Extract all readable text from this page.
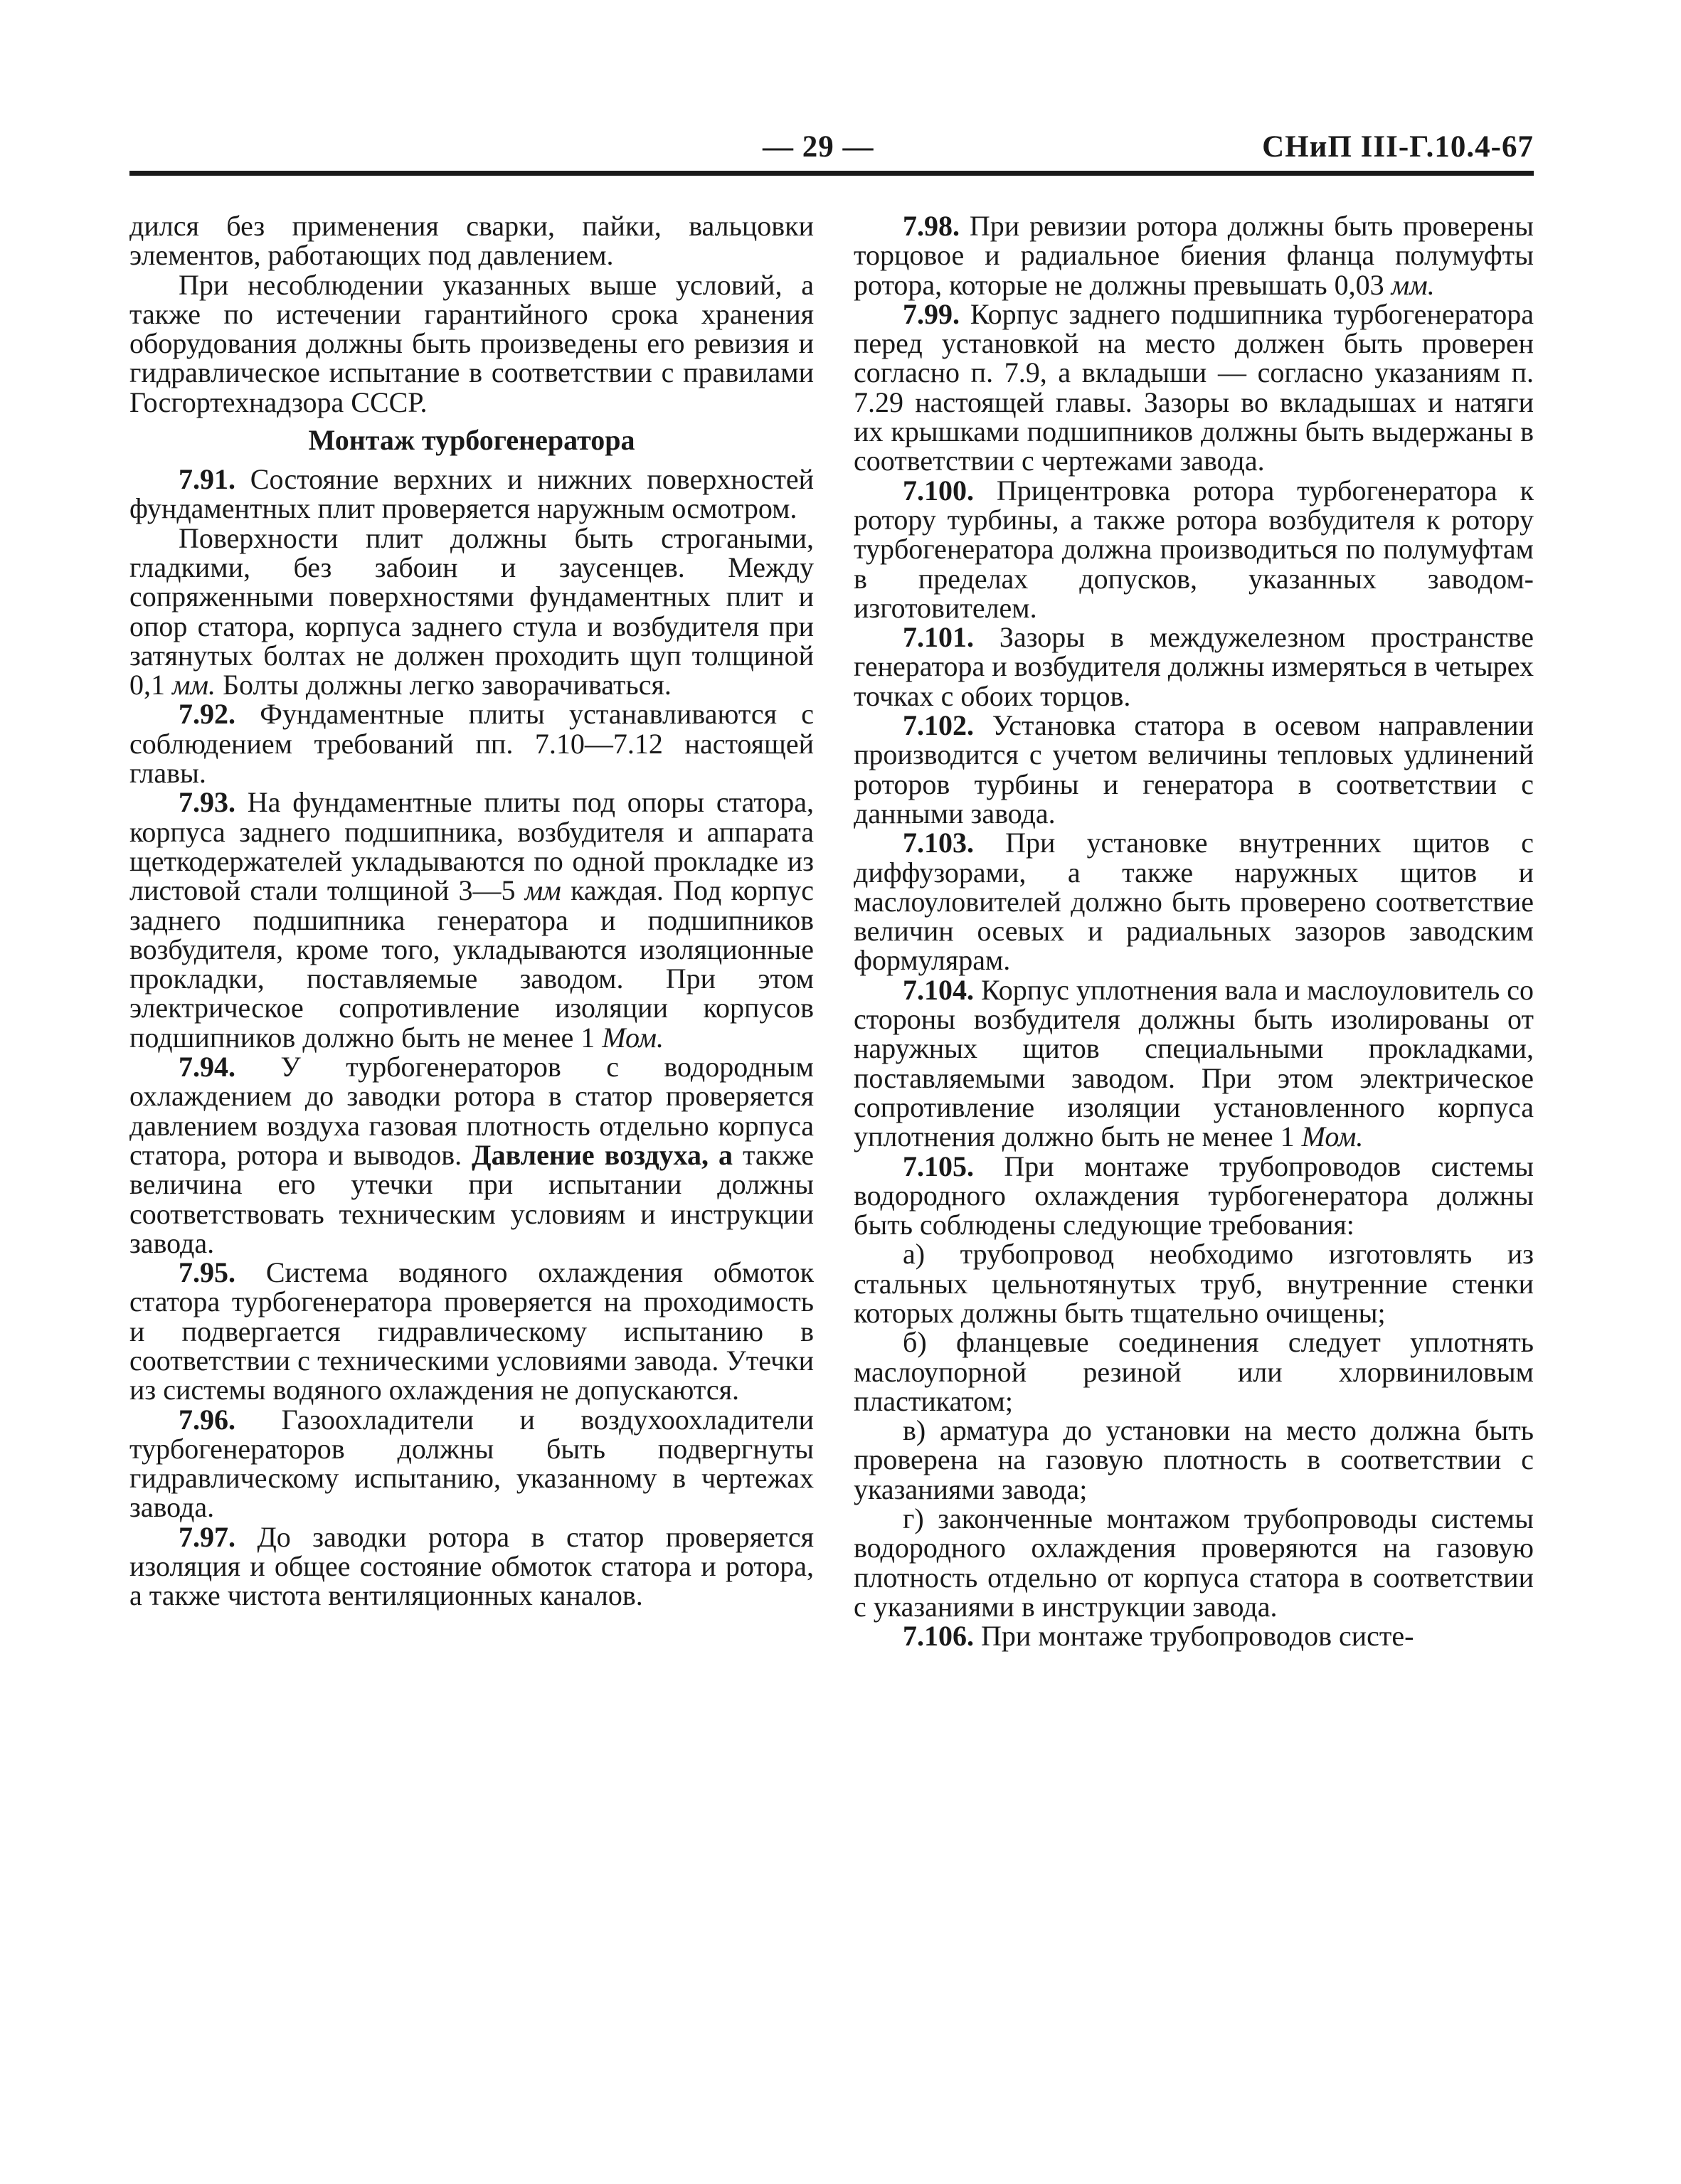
— 29 —	СНиП III-Г.10.4-67

дился без применения сварки, пайки, вальцовки элементов, работающих под давлением.

При несоблюдении указанных выше условий, а также по истечении гарантийного срока хранения оборудования должны быть произведены его ревизия и гидравлическое испытание в соответствии с правилами Госгортехнадзора СССР.

Монтаж турбогенератора

7.91. Состояние верхних и нижних поверхностей фундаментных плит проверяется наружным осмотром.

Поверхности плит должны быть строгаными, гладкими, без забоин и заусенцев. Между сопряженными поверхностями фундаментных плит и опор статора, корпуса заднего стула и возбудителя при затянутых болтах не должен проходить щуп толщиной 0,1 мм. Болты должны легко заворачиваться.

7.92. Фундаментные плиты устанавливаются с соблюдением требований пп. 7.10—7.12 настоящей главы.

7.93. На фундаментные плиты под опоры статора, корпуса заднего подшипника, возбудителя и аппарата щеткодержателей укладываются по одной прокладке из листовой стали толщиной 3—5 мм каждая. Под корпус заднего подшипника генератора и подшипников возбудителя, кроме того, укладываются изоляционные прокладки, поставляемые заводом. При этом электрическое сопротивление изоляции корпусов подшипников должно быть не менее 1 Мом.

7.94. У турбогенераторов с водородным охлаждением до заводки ротора в статор проверяется давлением воздуха газовая плотность отдельно корпуса статора, ротора и выводов. Давление воздуха, а также величина его утечки при испытании должны соответствовать техническим условиям и инструкции завода.

7.95. Система водяного охлаждения обмоток статора турбогенератора проверяется на проходимость и подвергается гидравлическому испытанию в соответствии с техническими условиями завода. Утечки из системы водяного охлаждения не допускаются.

7.96. Газоохладители и воздухоохладители турбогенераторов должны быть подвергнуты гидравлическому испытанию, указанному в чертежах завода.

7.97. До заводки ротора в статор проверяется изоляция и общее состояние обмоток статора и ротора, а также чистота вентиляционных каналов.

7.98. При ревизии ротора должны быть проверены торцовое и радиальное биения фланца полумуфты ротора, которые не должны превышать 0,03 мм.

7.99. Корпус заднего подшипника турбогенератора перед установкой на место должен быть проверен согласно п. 7.9, а вкладыши — согласно указаниям п. 7.29 настоящей главы. Зазоры во вкладышах и натяги их крышками подшипников должны быть выдержаны в соответствии с чертежами завода.

7.100. Прицентровка ротора турбогенератора к ротору турбины, а также ротора возбудителя к ротору турбогенератора должна производиться по полумуфтам в пределах допусков, указанных заводом-изготовителем.

7.101. Зазоры в междужелезном пространстве генератора и возбудителя должны измеряться в четырех точках с обоих торцов.

7.102. Установка статора в осевом направлении производится с учетом величины тепловых удлинений роторов турбины и генератора в соответствии с данными завода.

7.103. При установке внутренних щитов с диффузорами, а также наружных щитов и маслоуловителей должно быть проверено соответствие величин осевых и радиальных зазоров заводским формулярам.

7.104. Корпус уплотнения вала и маслоуловитель со стороны возбудителя должны быть изолированы от наружных щитов специальными прокладками, поставляемыми заводом. При этом электрическое сопротивление изоляции установленного корпуса уплотнения должно быть не менее 1 Мом.

7.105. При монтаже трубопроводов системы водородного охлаждения турбогенератора должны быть соблюдены следующие требования:

а) трубопровод необходимо изготовлять из стальных цельнотянутых труб, внутренние стенки которых должны быть тщательно очищены;

б) фланцевые соединения следует уплотнять маслоупорной резиной или хлорвиниловым пластикатом;

в) арматура до установки на место должна быть проверена на газовую плотность в соответствии с указаниями завода;

г) законченные монтажом трубопроводы системы водородного охлаждения проверяются на газовую плотность отдельно от корпуса статора в соответствии с указаниями в инструкции завода.

7.106. При монтаже трубопроводов систе-
